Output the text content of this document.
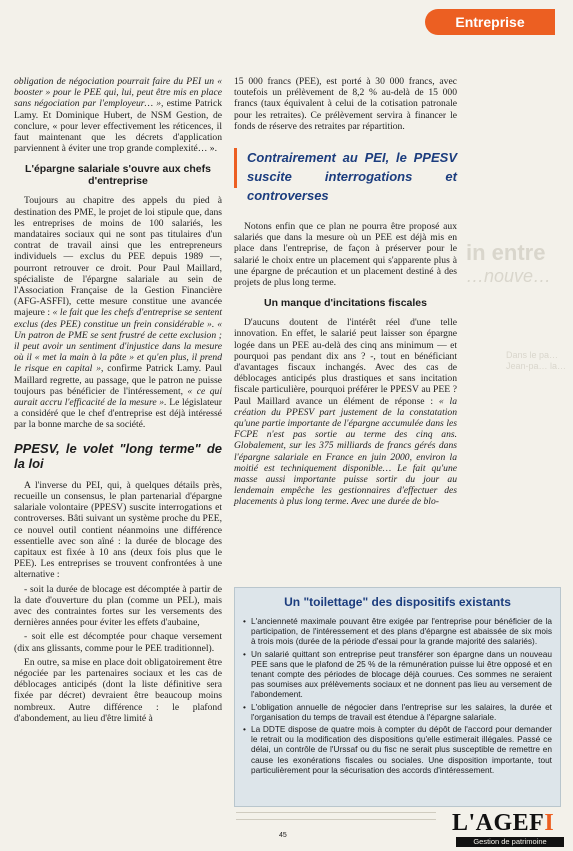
Entreprise

obligation de négociation pourrait faire du PEI un « booster » pour le PEE qui, lui, peut être mis en place sans négociation par l'employeur… », estime Patrick Lamy. Et Dominique Hubert, de NSM Gestion, de conclure, « pour lever effectivement les réticences, il faut maintenant que les décrets d'application parviennent à éviter une trop grande complexité… ».

L'épargne salariale s'ouvre aux chefs d'entreprise

Toujours au chapitre des appels du pied à destination des PME, le projet de loi stipule que, dans les entreprises de moins de 100 salariés, les mandataires sociaux qui ne sont pas titulaires d'un contrat de travail ainsi que les entrepreneurs individuels — exclus du PEE depuis 1989 —, pourront retrouver ce droit. Pour Paul Maillard, spécialiste de l'épargne salariale au sein de l'Association Française de la Gestion Financière (AFG-ASFFI), cette mesure constitue une avancée majeure : « le fait que les chefs d'entreprise se sentent exclus (des PEE) constitue un frein considérable ». « Un patron de PME se sent frustré de cette exclusion ; il peut avoir un sentiment d'injustice dans la mesure où il « met la main à la pâte » et qu'en plus, il prend le risque en capital », confirme Patrick Lamy. Paul Maillard regrette, au passage, que le patron ne puisse toujours pas bénéficier de l'intéressement, « ce qui aurait accru l'efficacité de la mesure ». Le législateur a considéré que le chef d'entreprise est déjà intéressé par la bonne marche de sa société.

PPESV, le volet "long terme" de la loi

A l'inverse du PEI, qui, à quelques détails près, recueille un consensus, le plan partenarial d'épargne salariale volontaire (PPESV) suscite interrogations et controverses. Bâti suivant un système proche du PEE, ce nouvel outil contient néanmoins une différence essentielle avec son aîné : la durée de blocage des capitaux est fixée à 10 ans (deux fois plus que le PEE). Les entreprises se trouvent confrontées à une alternative :

- soit la durée de blocage est décomptée à partir de la date d'ouverture du plan (comme un PEL), mais avec des contraintes fortes sur les versements des dernières années pour éviter les effets d'aubaine,

- soit elle est décomptée pour chaque versement (dix ans glissants, comme pour le PEE traditionnel).

En outre, sa mise en place doit obligatoirement être négociée par les partenaires sociaux et les cas de déblocages anticipés (dont la liste définitive sera fixée par décret) devraient être beaucoup moins nombreux. Autre différence : le plafond d'abondement, au lieu d'être limité à

15 000 francs (PEE), est porté à 30 000 francs, avec toutefois un prélèvement de 8,2 % au-delà de 15 000 francs (taux équivalent à celui de la cotisation patronale pour les retraites). Ce prélèvement servira à financer le fonds de réserve des retraites par répartition.

Contrairement au PEI, le PPESV suscite interrogations et controverses

Notons enfin que ce plan ne pourra être proposé aux salariés que dans la mesure où un PEE est déjà mis en place dans l'entreprise, de façon à préserver pour le salarié le choix entre un placement qui s'apparente plus à une épargne de précaution et un placement destiné à des projets de plus long terme.

Un manque d'incitations fiscales

D'aucuns doutent de l'intérêt réel d'une telle innovation. En effet, le salarié peut laisser son épargne logée dans un PEE au-delà des cinq ans minimum — et pourquoi pas pendant dix ans ? -, tout en bénéficiant d'avantages fiscaux inchangés. Avec des cas de déblocages anticipés plus drastiques et sans incitation fiscale particulière, pourquoi préférer le PPESV au PEE ? Paul Maillard avance un élément de réponse : « la création du PPESV part justement de la constatation qu'une partie importante de l'épargne accumulée dans les FCPE n'est pas sortie au terme des cinq ans. Globalement, sur les 375 milliards de francs gérés dans l'épargne salariale en France en juin 2000, environ la moitié est techniquement disponible… Le fait qu'une masse aussi importante puisse sortir du jour au lendemain empêche les gestionnaires d'effectuer des placements à plus long terme. Avec une durée de blo-

in entre
…nouve…
Dans le pa… Jean-pa… la…
Un "toilettage" des dispositifs existants
• L'ancienneté maximale pouvant être exigée par l'entreprise pour bénéficier de la participation, de l'intéressement et des plans d'épargne est abaissée de six mois à trois mois (durée de la période d'essai pour la grande majorité des salariés).
• Un salarié quittant son entreprise peut transférer son épargne dans un nouveau PEE sans que le plafond de 25 % de la rémunération puisse lui être opposé et en tenant compte des périodes de blocage déjà courues. Ces sommes ne seraient pas soumises aux prélèvements sociaux et ne donnent pas lieu au versement de l'abondement.
• L'obligation annuelle de négocier dans l'entreprise sur les salaires, la durée et l'organisation du temps de travail est étendue à l'épargne salariale.
• La DDTE dispose de quatre mois à compter du dépôt de l'accord pour demander le retrait ou la modification des dispositions qu'elle estimerait illégales. Passé ce délai, un contrôle de l'Urssaf ou du fisc ne serait plus susceptible de remettre en cause les exonérations fiscales ou sociales. Une disposition importante, tout particulièrement pour la sécurisation des accords d'intéressement.
45	L'AGEFI
Gestion de patrimoine
